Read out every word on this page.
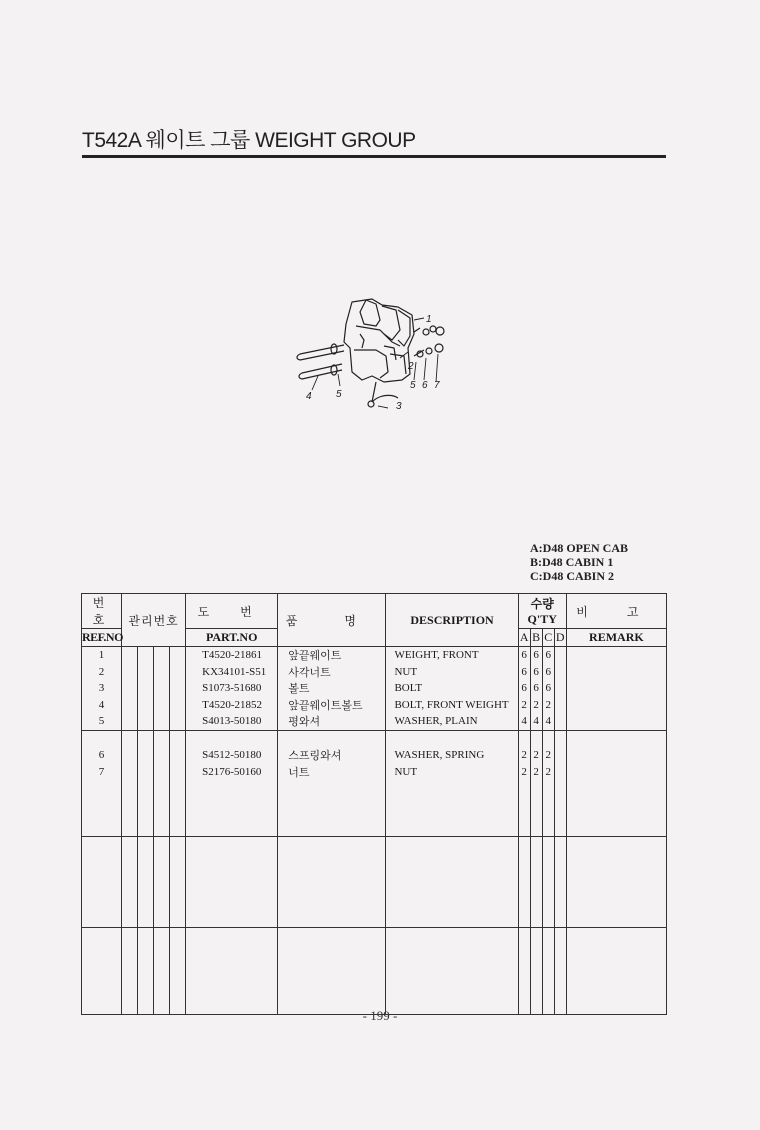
T542A 웨이트 그룹 WEIGHT GROUP
1
2
3
4 5
5 6 7
A:D48 OPEN CAB
B:D48 CABIN 1
C:D48 CABIN 2
번 호	관리번호				도 번	품 명	DESCRIPTION	수량Q'TY				비 고

REF.NO					PART.NO			A	B	C	D	REMARK

1					T4520-21861	앞끝웨이트	WEIGHT, FRONT	6	6	6		
2					KX34101-S51	사각너트	NUT	6	6	6		
3					S1073-51680	볼트	BOLT	6	6	6		
4					T4520-21852	앞끝웨이트볼트	BOLT, FRONT WEIGHT	2	2	2		
5					S4013-50180	평와셔	WASHER, PLAIN	4	4	4		

6					S4512-50180	스프링와셔	WASHER, SPRING	2	2	2		
7					S2176-50160	너트	NUT	2	2	2		

- 199 -
